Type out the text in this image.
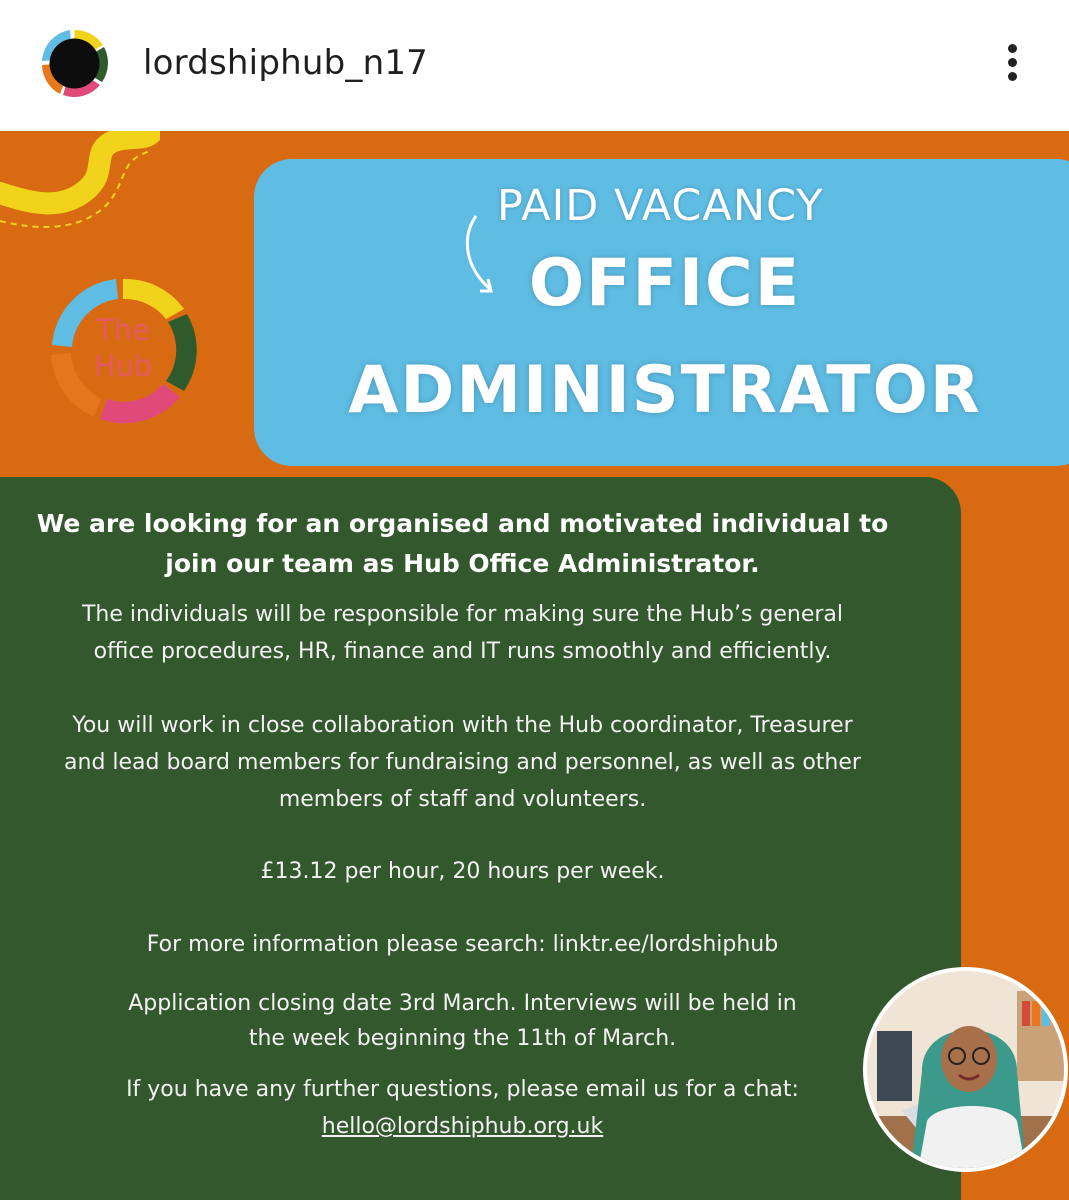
lordshiphub_n17
PAID VACANCY
OFFICE
ADMINISTRATOR
The
Hub
We are looking for an organised and motivated individual to
join our team as Hub Office Administrator.
The individuals will be responsible for making sure the Hub’s general
office procedures, HR, finance and IT runs smoothly and efficiently.
You will work in close collaboration with the Hub coordinator, Treasurer
and lead board members for fundraising and personnel, as well as other
members of staff and volunteers.
£13.12 per hour, 20 hours per week.
For more information please search: linktr.ee/lordshiphub
Application closing date 3rd March. Interviews will be held in
the week beginning the 11th of March.
If you have any further questions, please email us for a chat:
hello@lordshiphub.org.uk
